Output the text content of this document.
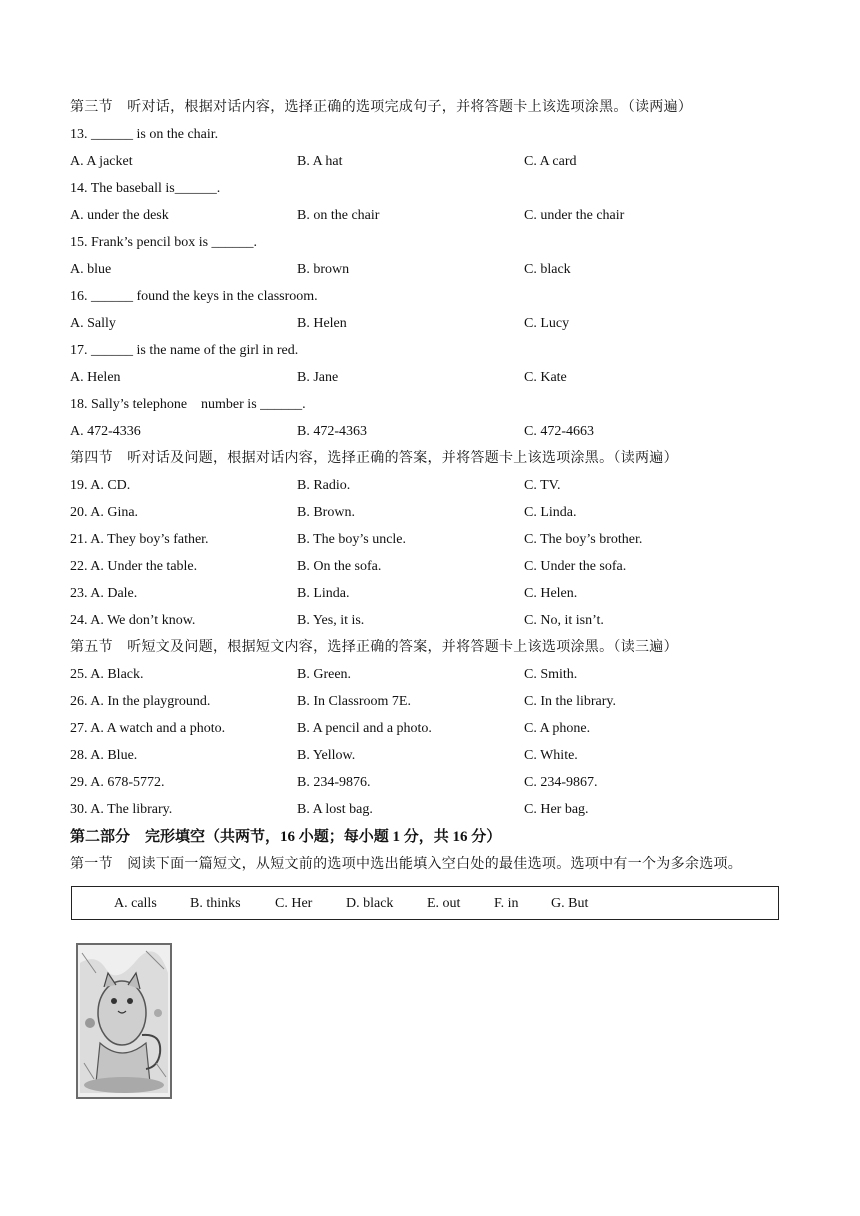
第三节　听对话，根据对话内容，选择正确的选项完成句子，并将答题卡上该选项涂黑。（读两遍）
13. ______ is on the chair.
A. A jacket	B. A hat	C. A card
14. The baseball is______.
A. under the desk	B. on the chair	C. under the chair
15. Frank’s pencil box is ______.
A. blue	B. brown	C. black
16. ______ found the keys in the classroom.
A. Sally	B. Helen	C. Lucy
17. ______ is the name of the girl in red.
A. Helen	B. Jane	C. Kate
18. Sally’s telephone　number is ______.
A. 472-4336	B. 472-4363	C. 472-4663
第四节　听对话及问题，根据对话内容，选择正确的答案，并将答题卡上该选项涂黑。（读两遍）
19. A. CD.	B. Radio.	C. TV.
20. A. Gina.	B. Brown.	C. Linda.
21. A. They boy’s father.	B. The boy’s uncle.	C. The boy’s brother.
22. A. Under the table.	B. On the sofa.	C. Under the sofa.
23. A. Dale.	B. Linda.	C. Helen.
24. A. We don’t know.	B. Yes, it is.	C. No, it isn’t.
第五节　听短文及问题，根据短文内容，选择正确的答案，并将答题卡上该选项涂黑。（读三遍）
25. A. Black.	B. Green.	C. Smith.
26. A. In the playground.	B. In Classroom 7E.	C. In the library.
27. A. A watch and a photo.	B. A pencil and a photo.	C. A phone.
28. A. Blue.	B. Yellow.	C. White.
29. A. 678-5772.	B. 234-9876.	C. 234-9867.
30. A. The library.	B. A lost bag.	C. Her bag.
第二部分　完形填空（共两节，16 小题；每小题 1 分，共 16 分）
第一节　阅读下面一篇短文，从短文前的选项中选出能填入空白处的最佳选项。选项中有一个为多余选项。
A. calls B. thinks C. Her D. black E. out F. in G. But
